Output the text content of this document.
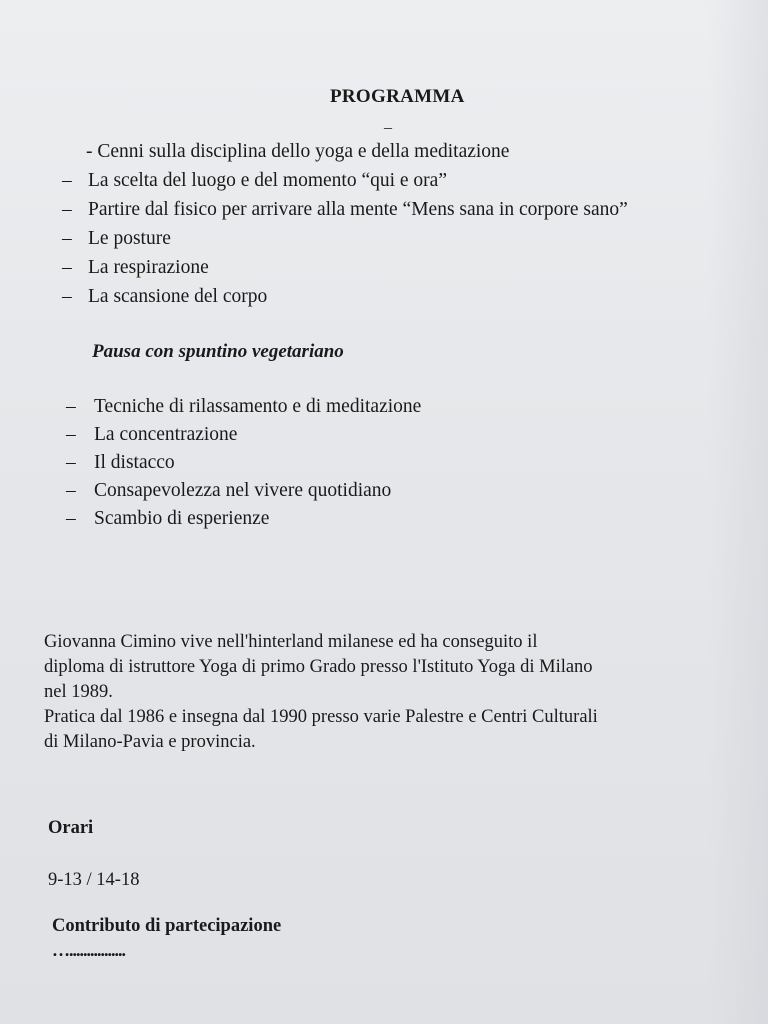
PROGRAMMA
_
- Cenni sulla disciplina dello yoga e della meditazione
– La scelta del luogo e del momento “qui e ora”
– Partire dal fisico per arrivare alla mente “Mens sana in corpore sano”
– Le posture
– La respirazione
– La scansione del corpo
Pausa con spuntino vegetariano
– Tecniche di rilassamento e di meditazione
– La concentrazione
– Il distacco
– Consapevolezza nel vivere quotidiano
– Scambio di esperienze

Giovanna Cimino vive nell'hinterland milanese ed ha conseguito il

diploma di istruttore Yoga di primo Grado presso l'Istituto Yoga di Milano

nel 1989.

Pratica dal 1986 e insegna dal 1990 presso varie Palestre e Centri Culturali

di Milano-Pavia e provincia.

Orari
9-13 / 14-18
Contributo di partecipazione
…................
